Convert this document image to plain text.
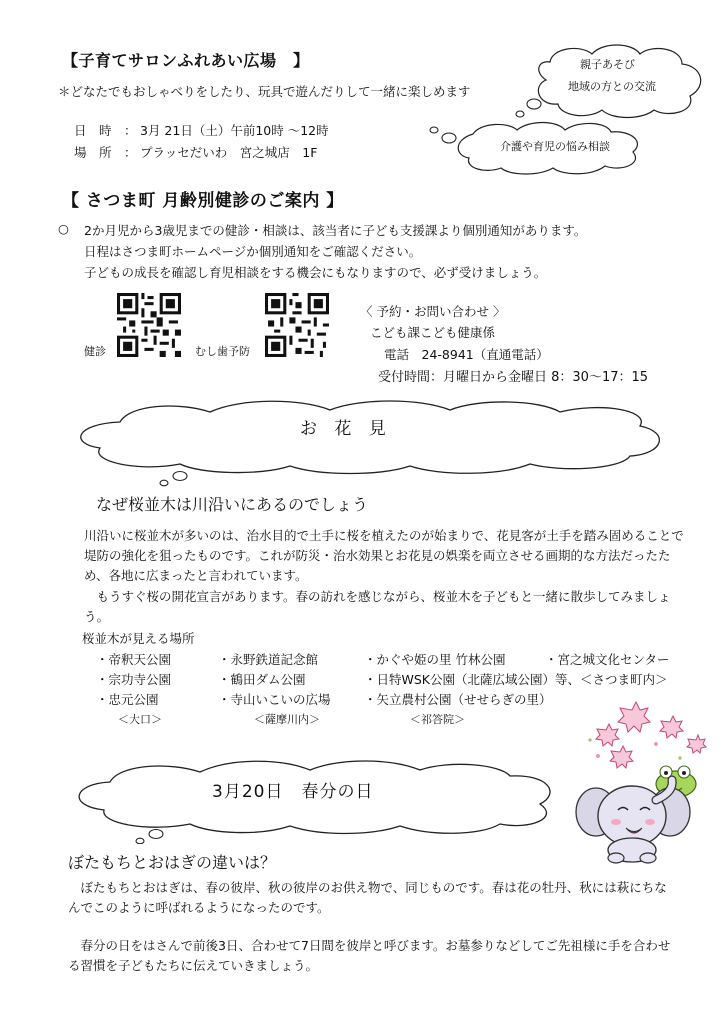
【子育てサロンふれあい広場　】
＊どなたでもおしゃべりをしたり、玩具で遊んだりして一緒に楽しめます
日　時　： 3月 21日（土）午前10時 ～12時
場　所　： プラッセだいわ　宮之城店　1F
親子あそび
地域の方との交流
介護や育児の悩み相談
【 さつま町 月齢別健診のご案内 】
○ 2か月児から3歳児までの健診・相談は、該当者に子ども支援課より個別通知があります。
日程はさつま町ホームページか個別通知をご確認ください。
子どもの成長を確認し育児相談をする機会にもなりますので、必ず受けましょう。
健診	むし歯予防
〈 予約・お問い合わせ 〉
こども課こども健康係
電話　24-8941（直通電話）
受付時間：月曜日から金曜日 8：30～17：15
お 花 見
なぜ桜並木は川沿いにあるのでしょう
川沿いに桜並木が多いのは、治水目的で土手に桜を植えたのが始まりで、花見客が土手を踏み固めることで堤防の強化を狙ったものです。これが防災・治水効果とお花見の娯楽を両立させる画期的な方法だったため、各地に広まったと言われています。
　もうすぐ桜の開花宣言があります。春の訪れを感じながら、桜並木を子どもと一緒に散歩してみましょう。
桜並木が見える場所
・帝釈天公園	・永野鉄道記念館	・かぐや姫の里 竹林公園	・宮之城文化センター
・宗功寺公園	・鶴田ダム公園	・日特WSK公園（北薩広域公園）等、＜さつま町内＞
・忠元公園	・寺山いこいの広場	・矢立農村公園（せせらぎの里）
＜大口＞	＜薩摩川内＞	＜祁答院＞
3月20日　春分の日
ぼたもちとおはぎの違いは？
　ぼたもちとおはぎは、春の彼岸、秋の彼岸のお供え物で、同じものです。春は花の牡丹、秋には萩にちなんでこのように呼ばれるようになったのです。
　春分の日をはさんで前後3日、合わせて7日間を彼岸と呼びます。お墓参りなどしてご先祖様に手を合わせる習慣を子どもたちに伝えていきましょう。
